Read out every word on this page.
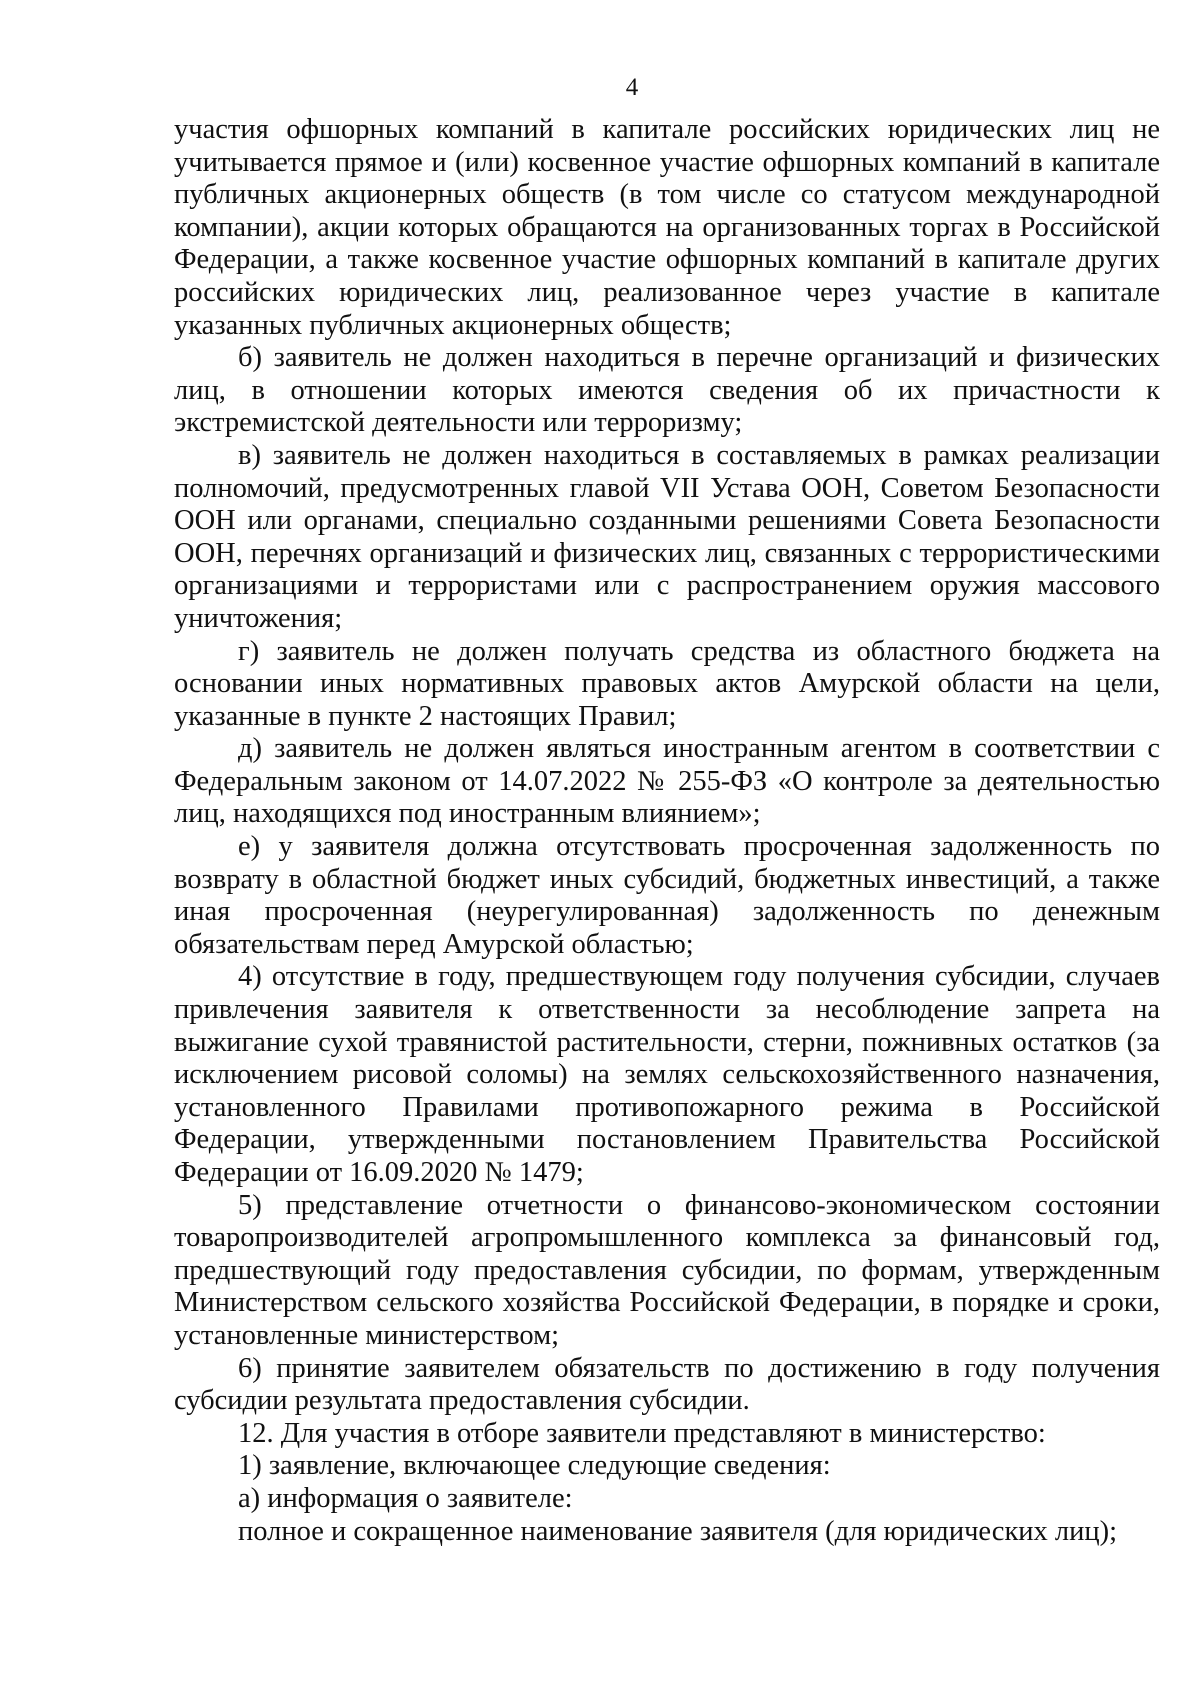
4

участия офшорных компаний в капитале российских юридических лиц не учитывается прямое и (или) косвенное участие офшорных компаний в капитале публичных акционерных обществ (в том числе со статусом международной компании), акции которых обращаются на организованных торгах в Российской Федерации, а также косвенное участие офшорных компаний в капитале других российских юридических лиц, реализованное через участие в капитале указанных публичных акционерных обществ;

б) заявитель не должен находиться в перечне организаций и физических лиц, в отношении которых имеются сведения об их причастности к экстремистской деятельности или терроризму;

в) заявитель не должен находиться в составляемых в рамках реализации полномочий, предусмотренных главой VII Устава ООН, Советом Безопасности ООН или органами, специально созданными решениями Совета Безопасности ООН, перечнях организаций и физических лиц, связанных с террористическими организациями и террористами или с распространением оружия массового уничтожения;

г) заявитель не должен получать средства из областного бюджета на основании иных нормативных правовых актов Амурской области на цели, указанные в пункте 2 настоящих Правил;

д) заявитель не должен являться иностранным агентом в соответствии с Федеральным законом от 14.07.2022 № 255-ФЗ «О контроле за деятельностью лиц, находящихся под иностранным влиянием»;

е) у заявителя должна отсутствовать просроченная задолженность по возврату в областной бюджет иных субсидий, бюджетных инвестиций, а также иная просроченная (неурегулированная) задолженность по денежным обязательствам перед Амурской областью;

4) отсутствие в году, предшествующем году получения субсидии, случаев привлечения заявителя к ответственности за несоблюдение запрета на выжигание сухой травянистой растительности, стерни, пожнивных остатков (за исключением рисовой соломы) на землях сельскохозяйственного назначения, установленного Правилами противопожарного режима в Российской Федерации, утвержденными постановлением Правительства Российской Федерации от 16.09.2020 № 1479;

5) представление отчетности о финансово-экономическом состоянии товаропроизводителей агропромышленного комплекса за финансовый год, предшествующий году предоставления субсидии, по формам, утвержденным Министерством сельского хозяйства Российской Федерации, в порядке и сроки, установленные министерством;

6) принятие заявителем обязательств по достижению в году получения субсидии результата предоставления субсидии.

12. Для участия в отборе заявители представляют в министерство:

1) заявление, включающее следующие сведения:

а) информация о заявителе:

полное и сокращенное наименование заявителя (для юридических лиц);
